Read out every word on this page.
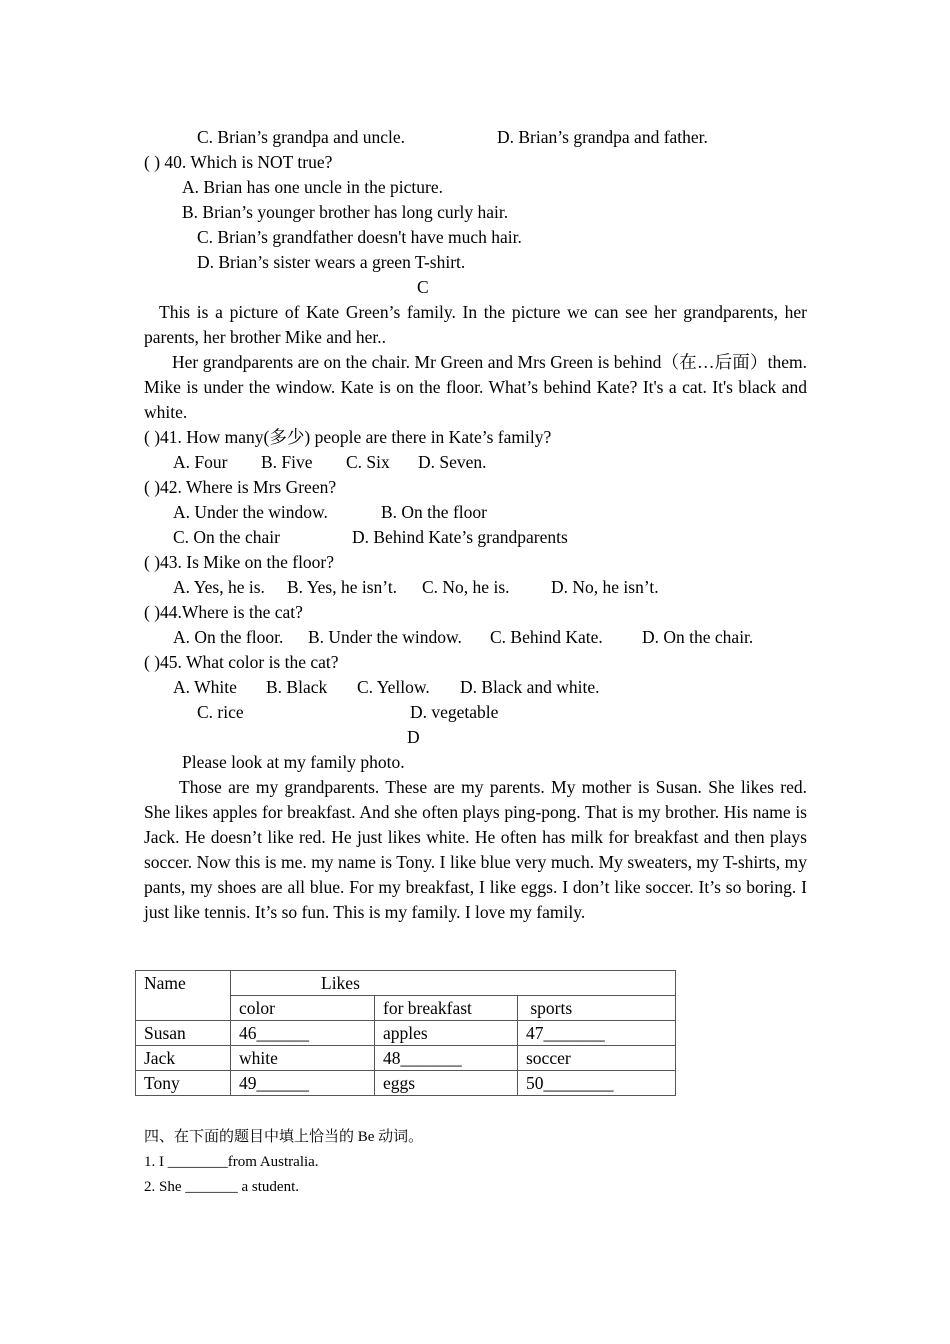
C. Brian’s grandpa and uncle.	D. Brian’s grandpa and father.
( ) 40. Which is NOT true?
A. Brian has one uncle in the picture.
B. Brian’s younger brother has long curly hair.
C. Brian’s grandfather doesn't have much hair.
D. Brian’s sister wears a green T-shirt.
C
This is a picture of Kate Green’s family. In the picture we can see her grandparents, her parents, her brother Mike and her..
Her grandparents are on the chair. Mr Green and Mrs Green is behind（在…后面）them. Mike is under the window. Kate is on the floor. What’s behind Kate? It's a cat. It's black and white.
( )41. How many(多少) people are there in Kate’s family?
A. Four B. Five C. Six D. Seven.
( )42. Where is Mrs Green?
A. Under the window.	B. On the floor
C. On the chair	D. Behind Kate’s grandparents
( )43. Is Mike on the floor?
A. Yes, he is. B. Yes, he isn’t. C. No, he is. D. No, he isn’t.
( )44.Where is the cat?
A. On the floor. B. Under the window. C. Behind Kate. D. On the chair.
( )45. What color is the cat?
A. White B. Black C. Yellow. D. Black and white.
C. rice	D. vegetable
D
Please look at my family photo.
Those are my grandparents. These are my parents. My mother is Susan. She likes red. She likes apples for breakfast. And she often plays ping-pong. That is my brother. His name is Jack. He doesn’t like red. He just likes white. He often has milk for breakfast and then plays soccer. Now this is me. my name is Tony. I like blue very much. My sweaters, my T-shirts, my pants, my shoes are all blue. For my breakfast, I like eggs. I don’t like soccer. It’s so boring. I just like tennis. It’s so fun. This is my family. I love my family.
Name	Likes		
	color	for breakfast	sports
Susan	46______	apples	47_______
Jack	white	48_______	soccer
Tony	49______	eggs	50________
四、在下面的题目中填上恰当的 Be 动词。
1. I ________from Australia.
2. She _______ a student.
